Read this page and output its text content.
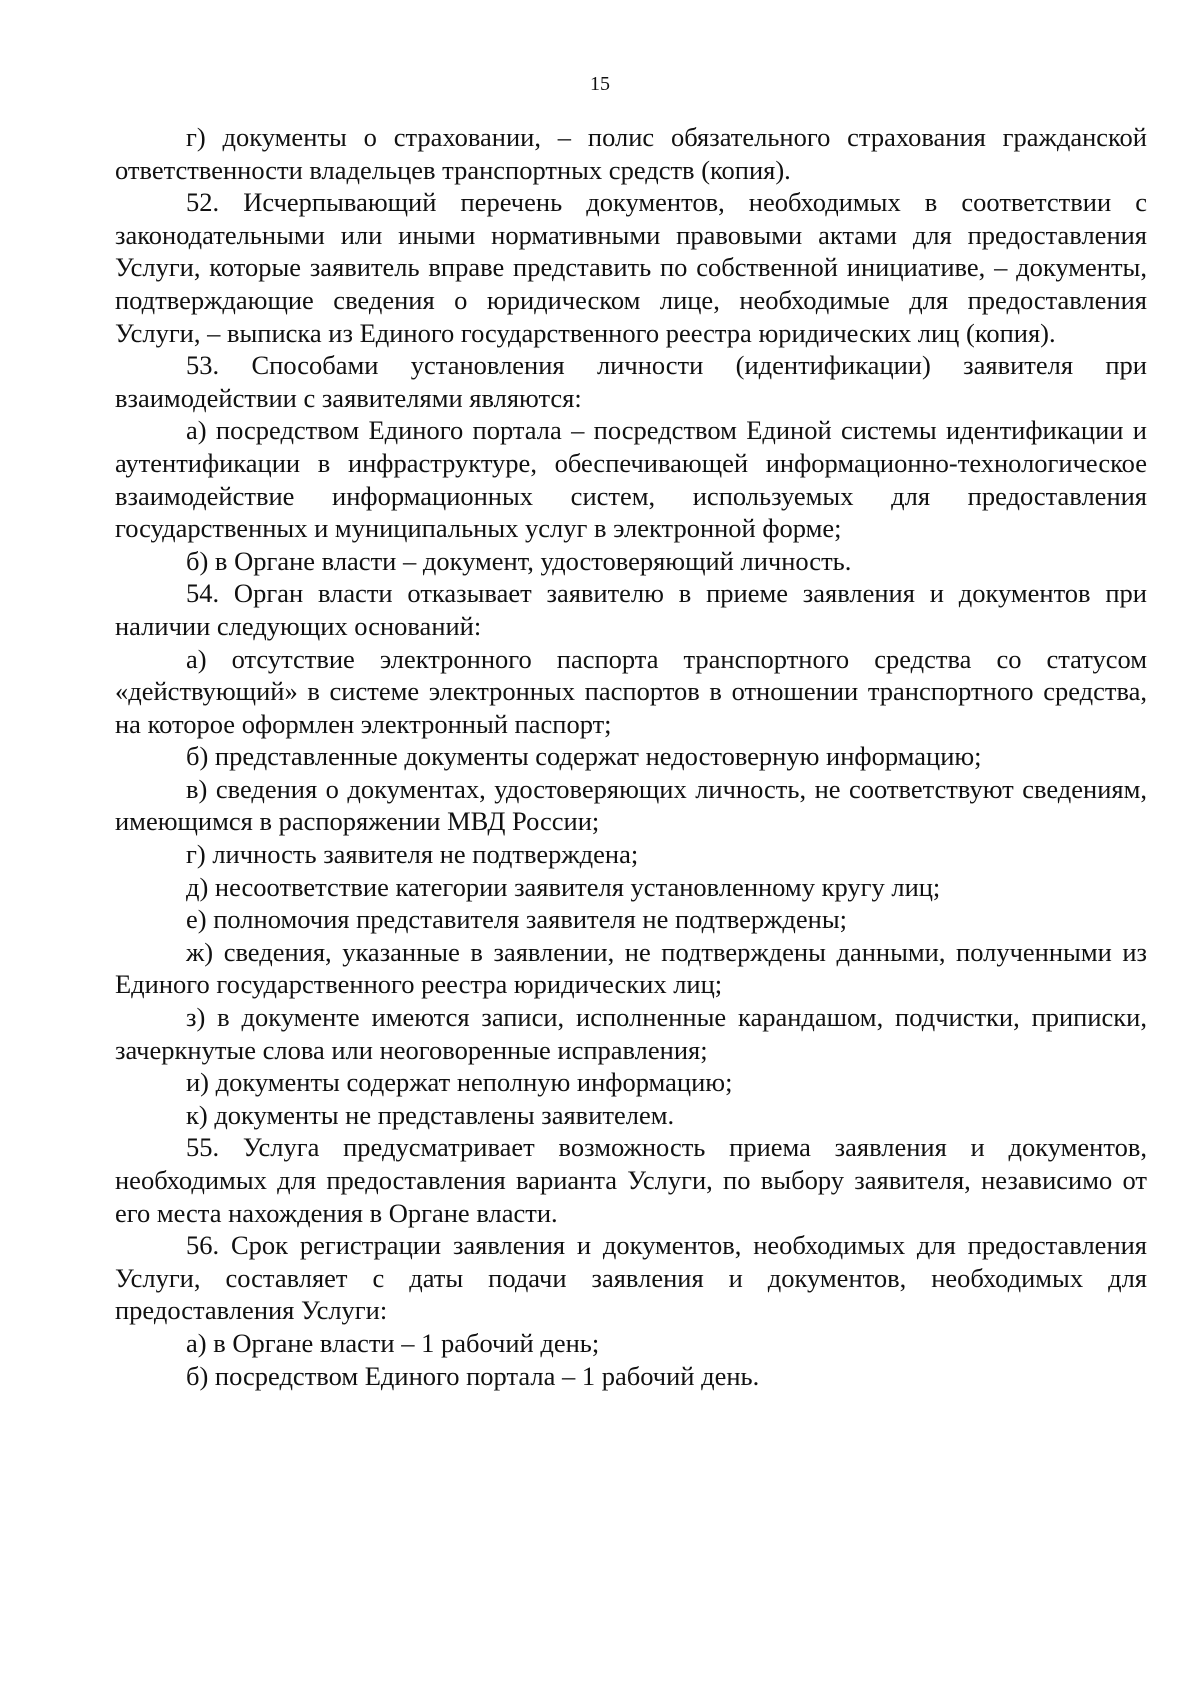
15

г) документы о страховании, – полис обязательного страхования гражданской ответственности владельцев транспортных средств (копия).

52. Исчерпывающий перечень документов, необходимых в соответствии с законодательными или иными нормативными правовыми актами для предоставления Услуги, которые заявитель вправе представить по собственной инициативе, – документы, подтверждающие сведения о юридическом лице, необходимые для предоставления Услуги, – выписка из Единого государственного реестра юридических лиц (копия).

53. Способами установления личности (идентификации) заявителя при взаимодействии с заявителями являются:

а) посредством Единого портала – посредством Единой системы идентификации и аутентификации в инфраструктуре, обеспечивающей информационно-технологическое взаимодействие информационных систем, используемых для предоставления государственных и муниципальных услуг в электронной форме;

б) в Органе власти – документ, удостоверяющий личность.

54. Орган власти отказывает заявителю в приеме заявления и документов при наличии следующих оснований:

а) отсутствие электронного паспорта транспортного средства со статусом «действующий» в системе электронных паспортов в отношении транспортного средства, на которое оформлен электронный паспорт;

б) представленные документы содержат недостоверную информацию;

в) сведения о документах, удостоверяющих личность, не соответствуют сведениям, имеющимся в распоряжении МВД России;

г) личность заявителя не подтверждена;

д) несоответствие категории заявителя установленному кругу лиц;

е) полномочия представителя заявителя не подтверждены;

ж) сведения, указанные в заявлении, не подтверждены данными, полученными из Единого государственного реестра юридических лиц;

з) в документе имеются записи, исполненные карандашом, подчистки, приписки, зачеркнутые слова или неоговоренные исправления;

и) документы содержат неполную информацию;

к) документы не представлены заявителем.

55. Услуга предусматривает возможность приема заявления и документов, необходимых для предоставления варианта Услуги, по выбору заявителя, независимо от его места нахождения в Органе власти.

56. Срок регистрации заявления и документов, необходимых для предоставления Услуги, составляет с даты подачи заявления и документов, необходимых для предоставления Услуги:

а) в Органе власти – 1 рабочий день;

б) посредством Единого портала – 1 рабочий день.
